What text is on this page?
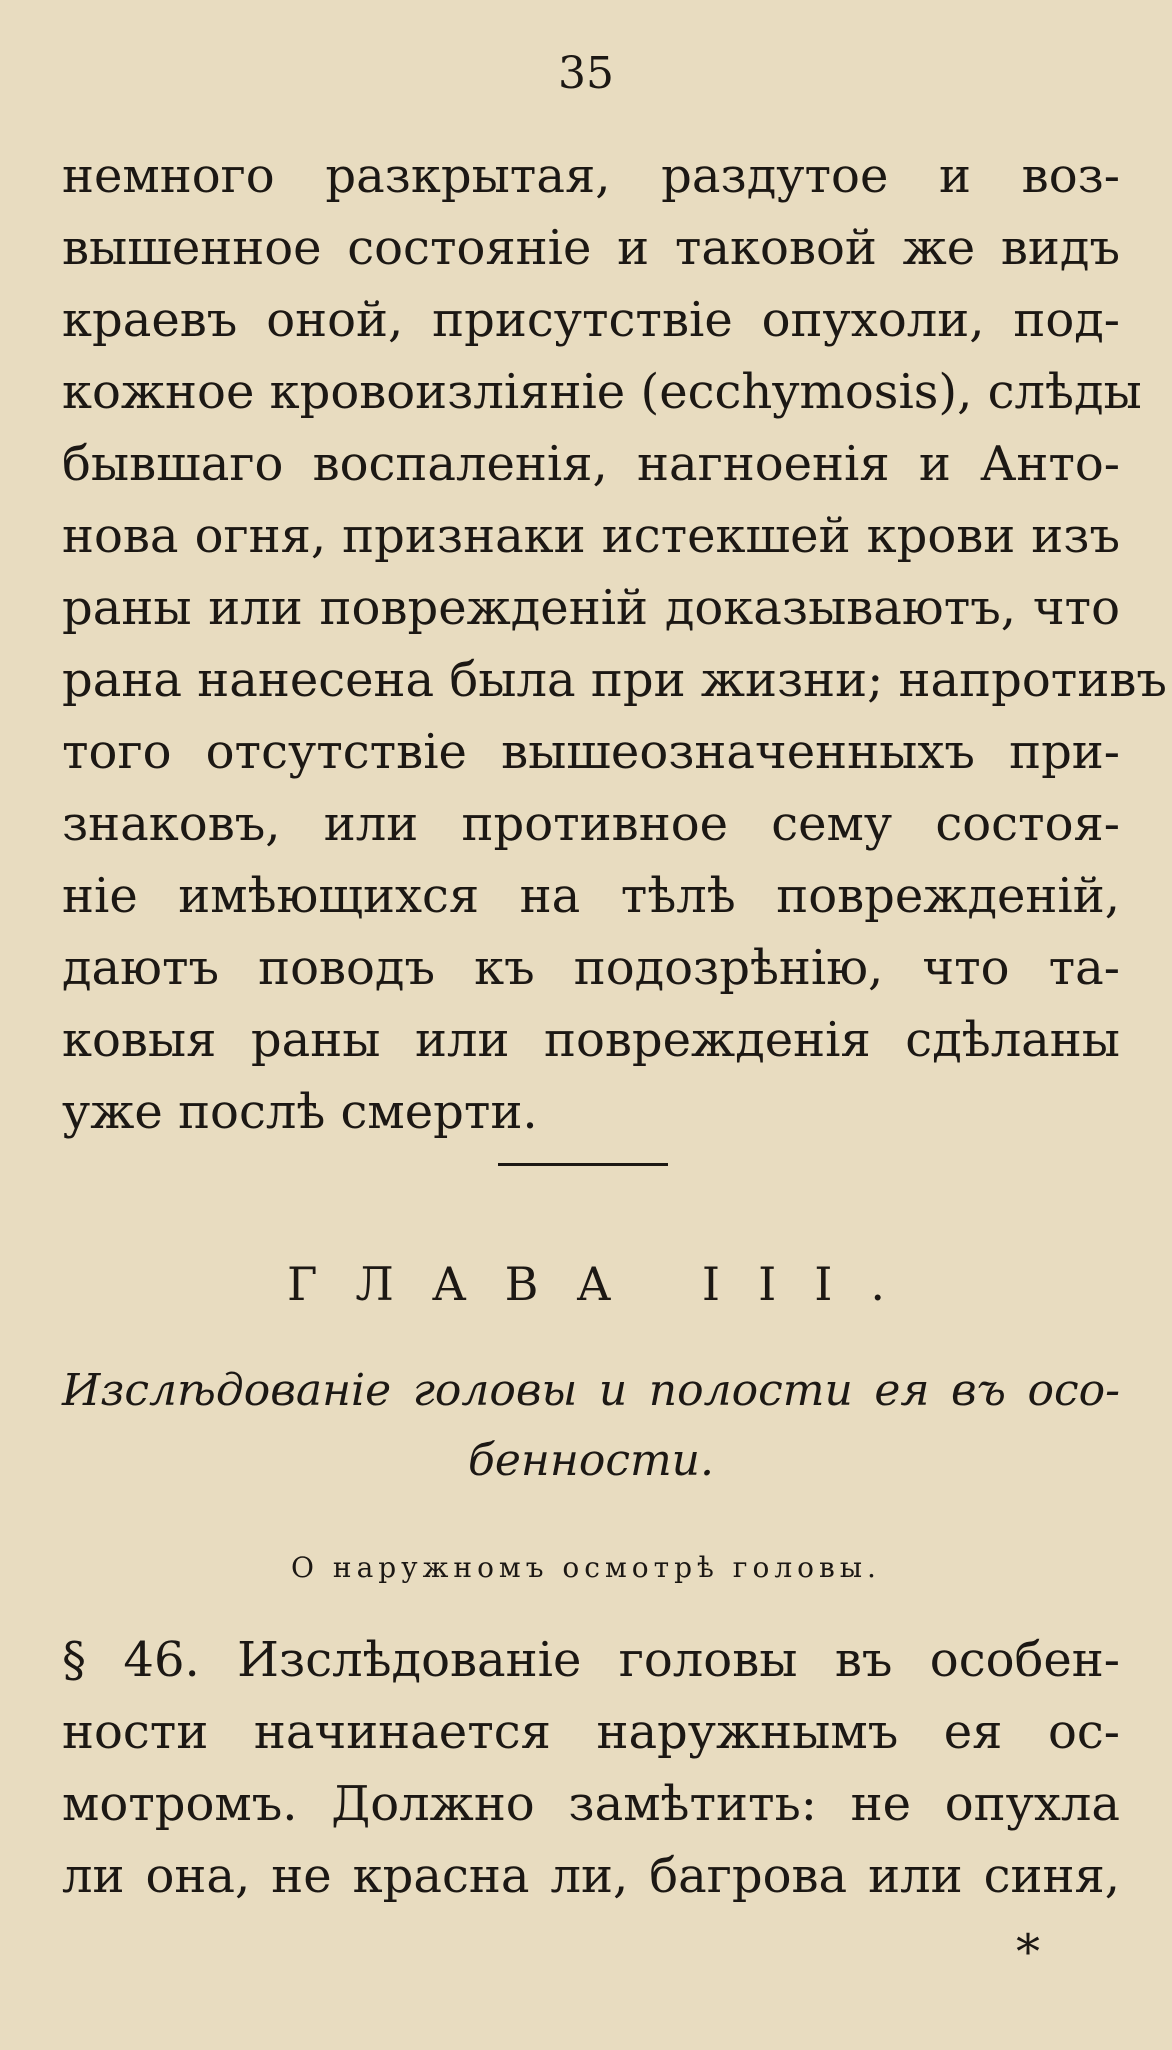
35
немного разкрытая, раздутое и воз-
вышенное состояніе и таковой же видъ
краевъ оной, присутствіе опухоли, под-
кожное кровоизліяніе (ecchymosis), слѣды
бывшаго воспаленія, нагноенія и Анто-
нова огня, признаки истекшей крови изъ
раны или поврежденій доказываютъ, что
рана нанесена была при жизни; напротивъ
того отсутствіе вышеозначенныхъ при-
знаковъ, или противное сему состоя-
ніе имѣющихся на тѣлѣ поврежденій,
даютъ поводъ къ подозрѣнію, что та-
ковыя раны или поврежденія сдѣланы
уже послѣ смерти.
ГЛАВА III.
Изслѣдованіе головы и полости ея въ осо-
бенности.
О наружномъ осмотрѣ головы.
§ 46. Изслѣдованіе головы въ особен-
ности начинается наружнымъ ея ос-
мотромъ. Должно замѣтить: не опухла
ли она, не красна ли, багрова или синя,
*
